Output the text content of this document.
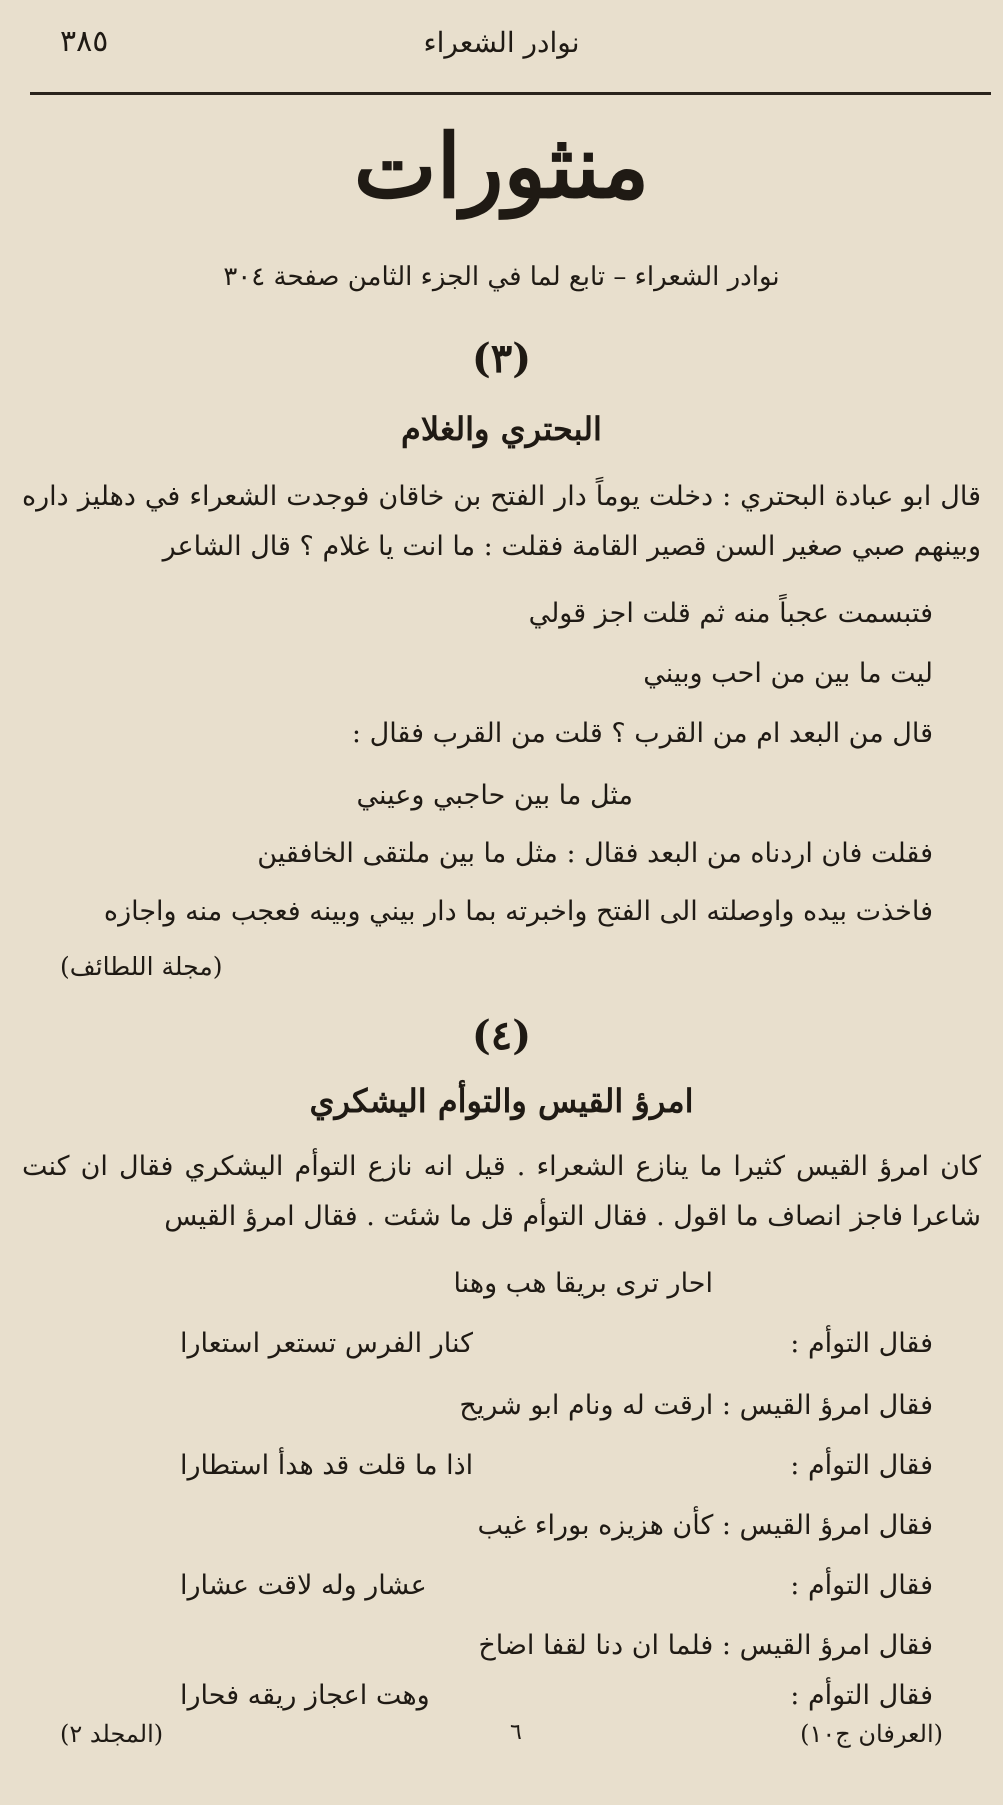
٣٨٥	نوادر الشعراء
منثورات
نوادر الشعراء – تابع لما في الجزء الثامن صفحة ٣٠٤
(٣)
البحتري والغلام
قال ابو عبادة البحتري : دخلت يوماً دار الفتح بن خاقان فوجدت الشعراء في دهليز داره وبينهم صبي صغير السن قصير القامة فقلت : ما انت يا غلام ؟ قال الشاعر
فتبسمت عجباً منه ثم قلت اجز قولي
ليت ما بين من احب وبيني
قال من البعد ام من القرب ؟ قلت من القرب فقال :
مثل ما بين حاجبي وعيني
فقلت فان اردناه من البعد فقال : مثل ما بين ملتقى الخافقين
فاخذت بيده واوصلته الى الفتح واخبرته بما دار بيني وبينه فعجب منه واجازه
(مجلة اللطائف)
(٤)
امرؤ القيس والتوأم اليشكري
كان امرؤ القيس كثيرا ما ينازع الشعراء . قيل انه نازع التوأم اليشكري فقال ان كنت شاعرا فاجز انصاف ما اقول . فقال التوأم قل ما شئت . فقال امرؤ القيس
احار ترى بريقا هب وهنا
فقال التوأم :
كنار الفرس تستعر استعارا
فقال امرؤ القيس : ارقت له ونام ابو شريح
فقال التوأم :
اذا ما قلت قد هدأ استطارا
فقال امرؤ القيس : كأن هزيزه بوراء غيب
فقال التوأم :
عشار وله لاقت عشارا
فقال امرؤ القيس : فلما ان دنا لقفا اضاخ
فقال التوأم :
وهت اعجاز ريقه فحارا
(المجلد ٢)	٦	(العرفان ج١٠)
